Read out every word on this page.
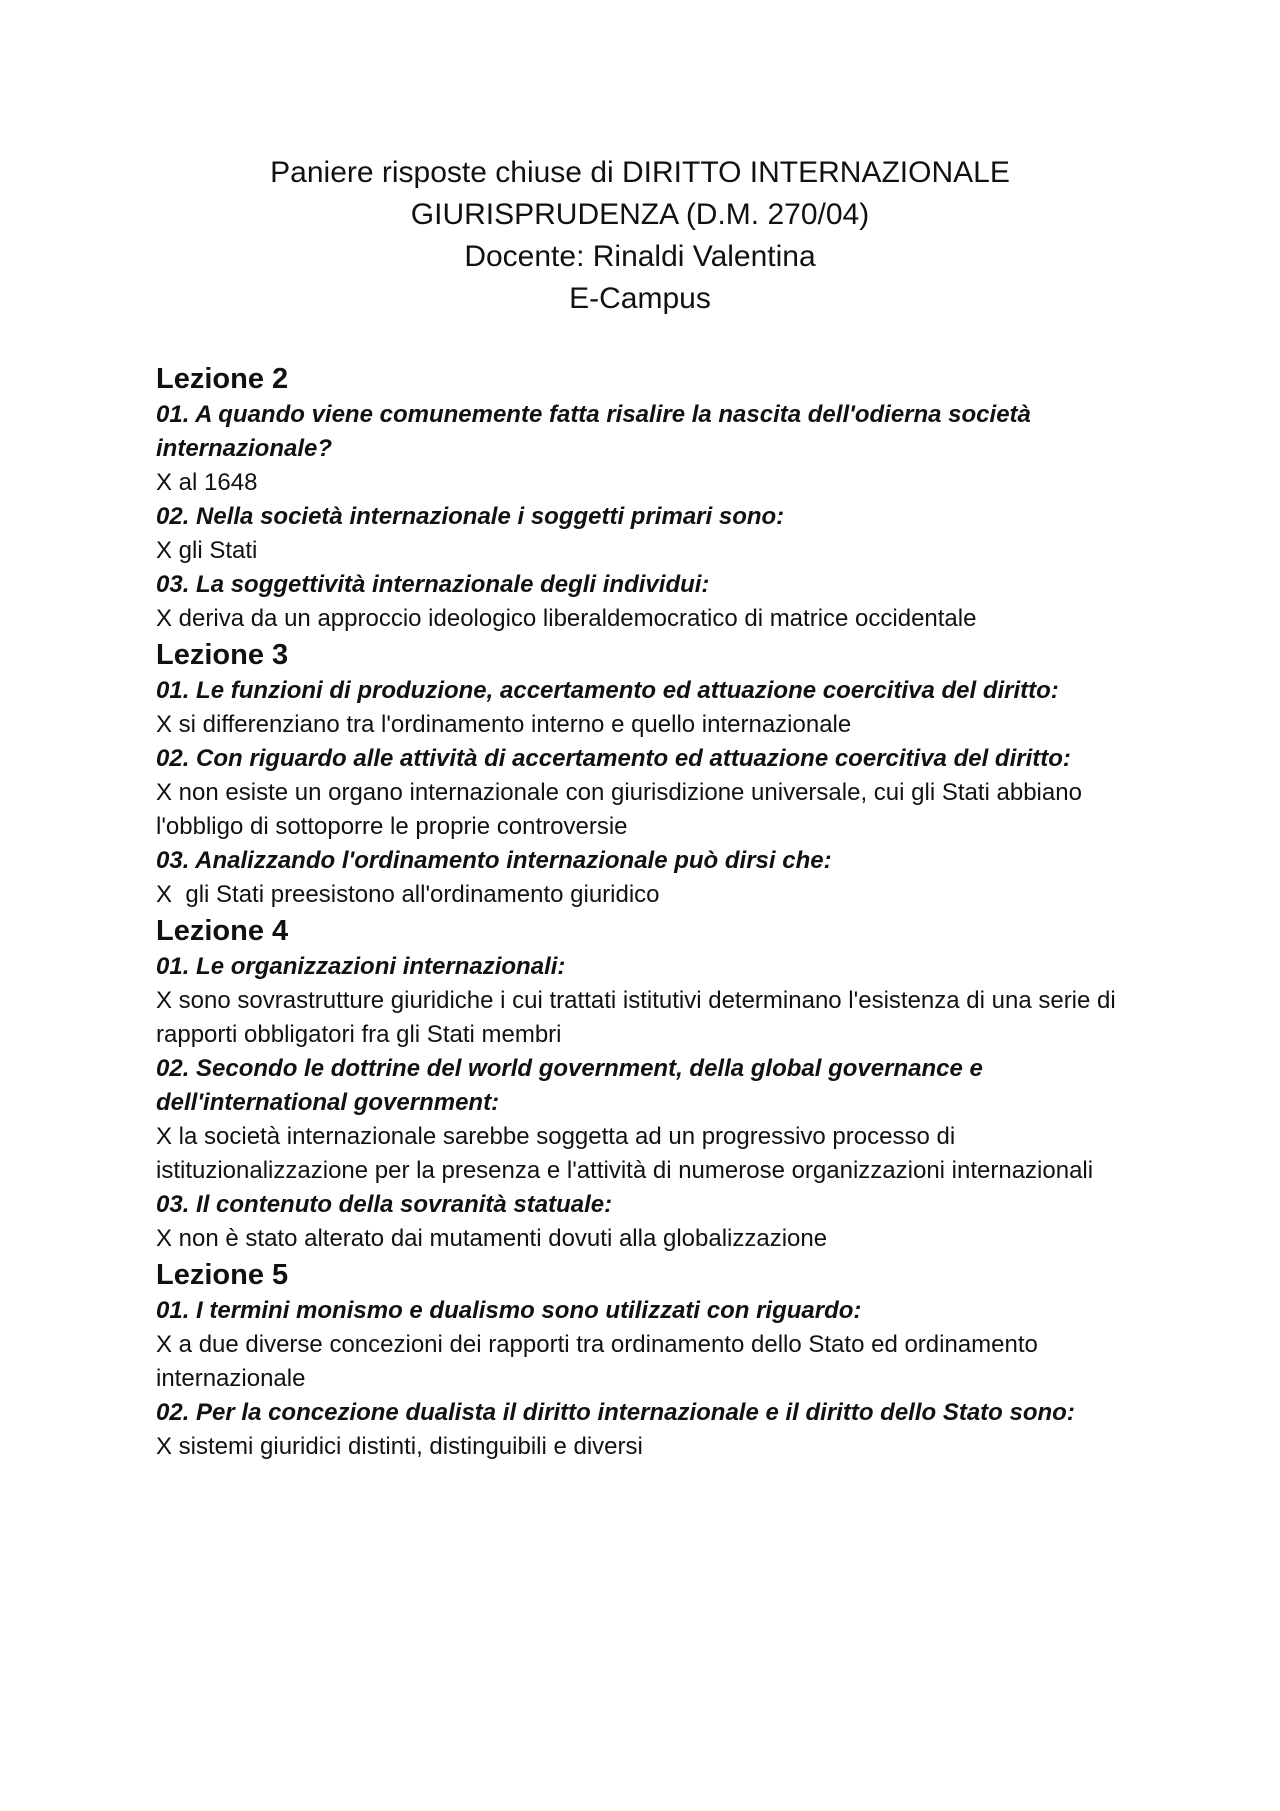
Paniere risposte chiuse di DIRITTO INTERNAZIONALE
GIURISPRUDENZA (D.M. 270/04)
Docente: Rinaldi Valentina
E-Campus
Lezione 2
01. A quando viene comunemente fatta risalire la nascita dell'odierna società internazionale?
X al 1648
02. Nella società internazionale i soggetti primari sono:
X gli Stati
03. La soggettività internazionale degli individui:
X deriva da un approccio ideologico liberaldemocratico di matrice occidentale
Lezione 3
01. Le funzioni di produzione, accertamento ed attuazione coercitiva del diritto:
X si differenziano tra l'ordinamento interno e quello internazionale
02. Con riguardo alle attività di accertamento ed attuazione coercitiva del diritto:
X non esiste un organo internazionale con giurisdizione universale, cui gli Stati abbiano l'obbligo di sottoporre le proprie controversie
03. Analizzando l'ordinamento internazionale può dirsi che:
X  gli Stati preesistono all'ordinamento giuridico
Lezione 4
01. Le organizzazioni internazionali:
X sono sovrastrutture giuridiche i cui trattati istitutivi determinano l'esistenza di una serie di rapporti obbligatori fra gli Stati membri
02. Secondo le dottrine del world government, della global governance e dell'international government:
X la società internazionale sarebbe soggetta ad un progressivo processo di istituzionalizzazione per la presenza e l'attività di numerose organizzazioni internazionali
03. Il contenuto della sovranità statuale:
X non è stato alterato dai mutamenti dovuti alla globalizzazione
Lezione 5
01. I termini monismo e dualismo sono utilizzati con riguardo:
X a due diverse concezioni dei rapporti tra ordinamento dello Stato ed ordinamento internazionale
02. Per la concezione dualista il diritto internazionale e il diritto dello Stato sono:
X sistemi giuridici distinti, distinguibili e diversi
